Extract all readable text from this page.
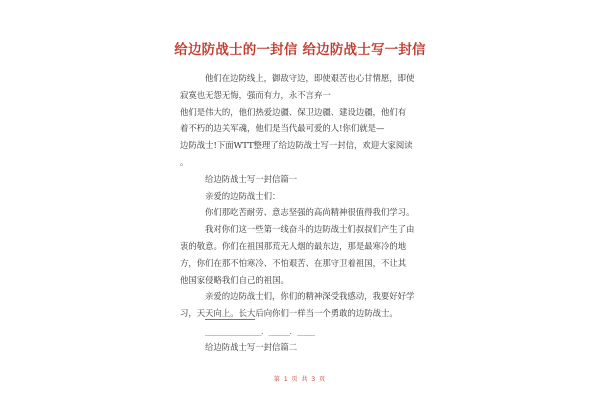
给边防战士的一封信 给边防战士写一封信
他们在边防线上，御敌守边，即使艰苦也心甘情愿，即使
寂寞也无怨无悔，强而有力，永不言弃一
他们是伟大的，他们热爱边疆、保卫边疆、建设边疆，他们有
着不朽的边关军魂，他们是当代最可爱的人!你们就是—
边防战士!下面WTT整理了给边防战士写一封信，欢迎大家阅读
。
给边防战士写一封信篇一
亲爱的边防战士们：
你们那吃苦耐劳、意志坚强的高尚精神很值得我们学习。
我对你们这一些第一线奋斗的边防战士们叔叔们产生了由
衷的敬意。你们在祖国那荒无人烟的最东边，那是最寒冷的地
方，你们在那不怕寒冷、不怕艰苦、在那守卫着祖国，不让其
他国家侵略我们自己的祖国。
亲爱的边防战士们，你们的精神深受我感动，我要好好学
习，天天向上。长大后向你们一样当一个勇敢的边防战士。
________________．______．_____
给边防战士写一封信篇二
第 1 页 共 3 页
